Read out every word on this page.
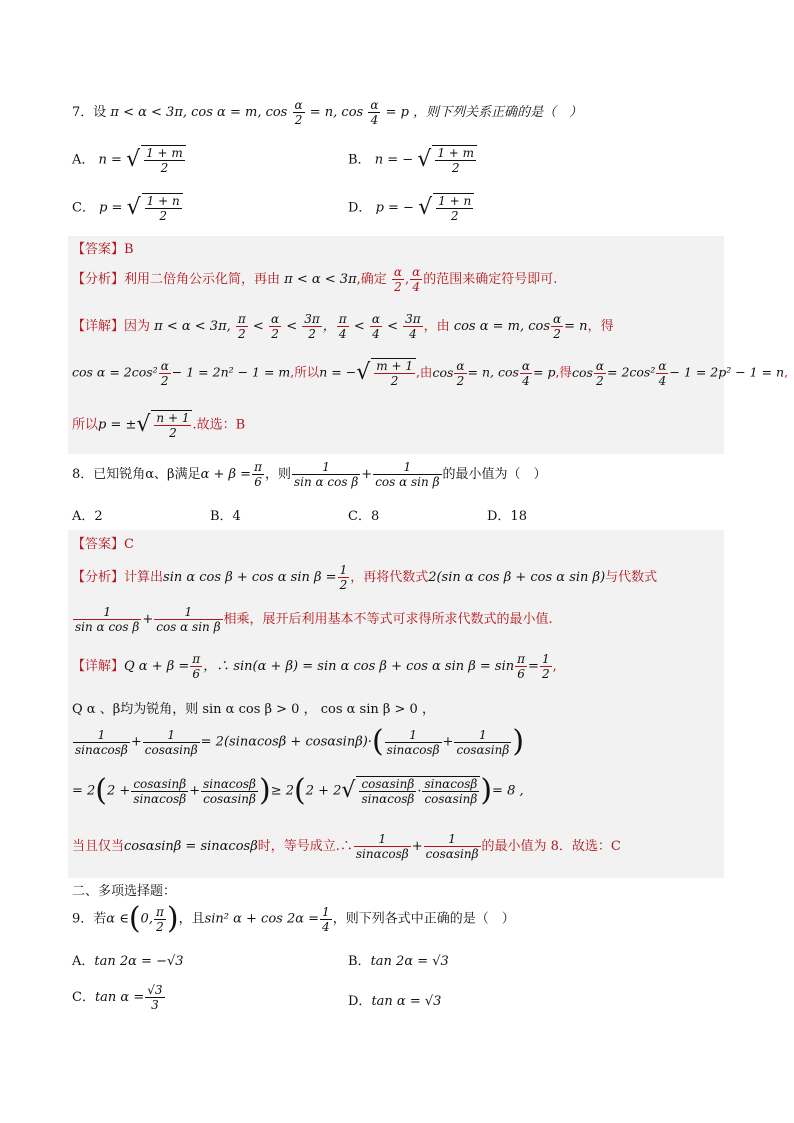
7．设 π < α < 3π, cos α = m, $\cos \frac{\alpha}{2} = n$, $\cos \frac{\alpha}{4} = p$ ，则下列关系正确的是（　）
A． n = √ $\frac{1 + m}{2}$	B． n = − √ $\frac{1 + m}{2}$
C． p = √ $\frac{1 + n}{2}$	D． p = − √ $\frac{1 + n}{2}$
【答案】B
【分析】利用二倍角公示化简，再由 π < α < 3π,确定 $\frac{\alpha}{2}$ , $\frac{\alpha}{4}$ 的范围来确定符号即可.
【详解】因为 π < α < 3π, $\frac{\pi}{2} < \frac{\alpha}{2} < \frac{3\pi}{2}$ ， $\frac{\pi}{4} < \frac{\alpha}{4} < \frac{3\pi}{4}$ ，由 cos α = m, $\cos \frac{\alpha}{2} = n$，得
$\cos \alpha = 2\cos^2 \frac{\alpha}{2} - 1 = 2n^2 - 1 = m$,所以n = −√ $\frac{m + 1}{2}$ ,由$\cos \frac{\alpha}{2} = n$, $\cos \frac{\alpha}{4} = p$,得$\cos \frac{\alpha}{2} = 2\cos^2 \frac{\alpha}{4} - 1 = 2p^2 - 1 = n$,
所以p = ±√ $\frac{n + 1}{2}$ .故选：B
8．已知锐角α、β满足$\alpha + \beta = \frac{\pi}{6}$ ，则 $\frac{1}{\text{sin α cos β}} + \frac{1}{\text{cos α sin β}}$ 的最小值为（　）
A．2	B．4	C．8	D．18
【答案】C
【分析】计算出sin α cos β + cos α $\sin \beta = \frac{1}{2}$ ，再将代数式2(sin α cos β + cos α sin β)与代数式
$\frac{1}{\text{sin α cos β}} + \frac{1}{\text{cos α sin β}}$ 相乘，展开后利用基本不等式可求得所求代数式的最小值.
【详解】Q $\alpha + \beta = \frac{\pi}{6}$ ，∴ sin(α + β) = sin α cos β + cos α $\sin \beta = \sin \frac{\pi}{6} = \frac{1}{2}$ ,
Q α 、β均为锐角，则 sin α cos β > 0 ， cos α sin β > 0 ，
$\frac{1}{\sin\alpha\cos\beta} + \frac{1}{\cos\alpha\sin\beta} = 2(\sin\alpha\cos\beta + \cos\alpha\sin\beta)\cdot( \frac{1}{\sin\alpha\cos\beta} + \frac{1}{\cos\alpha\sin\beta}$ )
= $2(2 + \frac{\cos\alpha\sin\beta}{\sin\alpha\cos\beta} + \frac{\sin\alpha\cos\beta}{\cos\alpha\sin\beta}$ )≥ $2(2 + 2√ \frac{\cos\alpha\sin\beta}{\sin\alpha\cos\beta} \cdot \frac{\sin\alpha\cos\beta}{\cos\alpha\sin\beta}$ )= 8 ,
当且仅当cosαsinβ = sinαcosβ时，等号成立.∴ $\frac{1}{\sin\alpha\cos\beta} + \frac{1}{\cos\alpha\sin\beta}$ 的最小值为 8．故选：C
二、多项选择题：
9．若α ∈(0, $\frac{\pi}{2}$ )，且sin² $\alpha + \cos 2\alpha = \frac{1}{4}$ ，则下列各式中正确的是（　）
A．tan 2α = −√3	B．tan 2α = √3
C．$\tan \alpha = \frac{√3}{3}$	D．tan α = √3
